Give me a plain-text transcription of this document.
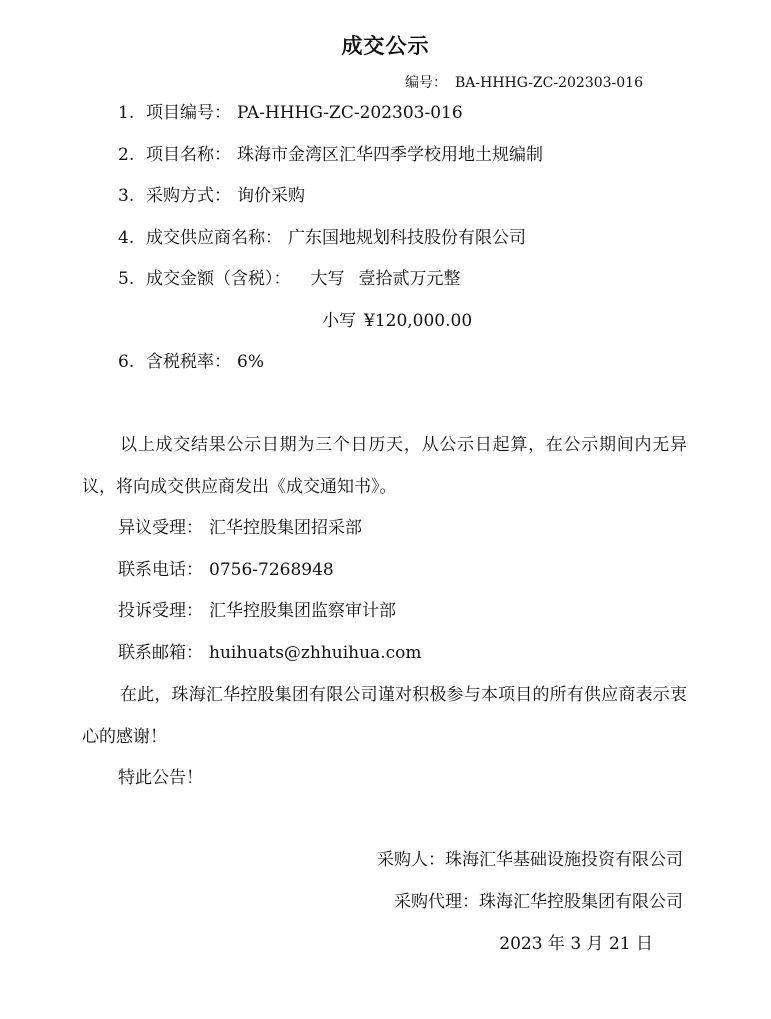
成交公示
编号： BA-HHHG-ZC-202303-016
1. 项目编号： PA-HHHG-ZC-202303-016
2. 项目名称： 珠海市金湾区汇华四季学校用地土规编制
3. 采购方式： 询价采购
4. 成交供应商名称： 广东国地规划科技股份有限公司
5. 成交金额（含税）： 大写 壹拾贰万元整
小写 ¥120,000.00
6. 含税税率： 6%
以上成交结果公示日期为三个日历天，从公示日起算，在公示期间内无异议，将向成交供应商发出《成交通知书》。
异议受理： 汇华控股集团招采部
联系电话： 0756-7268948
投诉受理： 汇华控股集团监察审计部
联系邮箱： huihuats@zhhuihua.com
在此，珠海汇华控股集团有限公司谨对积极参与本项目的所有供应商表示衷心的感谢！
特此公告！
采购人：珠海汇华基础设施投资有限公司
采购代理：珠海汇华控股集团有限公司
2023 年 3 月 21 日
